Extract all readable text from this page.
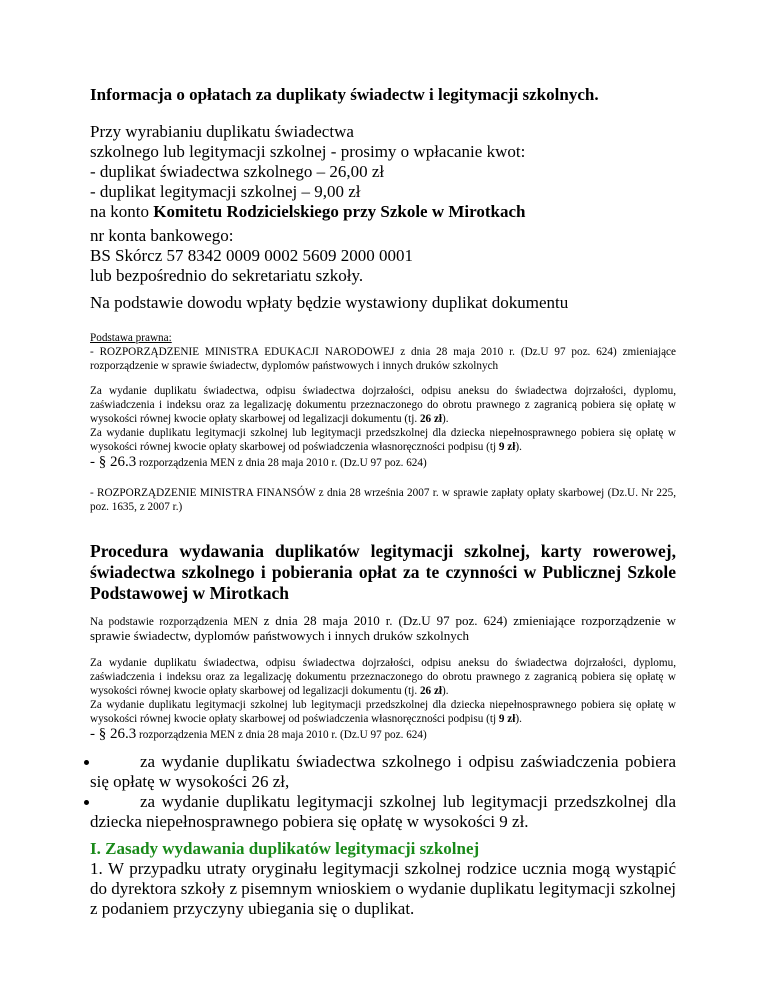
Informacja o opłatach za duplikaty świadectw i legitymacji szkolnych.

Przy wyrabianiu duplikatu świadectwa
szkolnego lub legitymacji szkolnej - prosimy o wpłacanie kwot:
- duplikat świadectwa szkolnego – 26,00 zł
- duplikat legitymacji szkolnej – 9,00 zł
na konto Komitetu Rodzicielskiego przy Szkole w Mirotkach
nr konta bankowego:
BS Skórcz 57 8342 0009 0002 5609 2000 0001
lub bezpośrednio do sekretariatu szkoły.

Na podstawie dowodu wpłaty będzie wystawiony duplikat dokumentu

Podstawa prawna:
- ROZPORZĄDZENIE MINISTRA EDUKACJI NARODOWEJ z dnia 28 maja 2010 r. (Dz.U 97 poz. 624) zmieniające rozporządzenie w sprawie świadectw, dyplomów państwowych i innych druków szkolnych
Za wydanie duplikatu świadectwa, odpisu świadectwa dojrzałości, odpisu aneksu do świadectwa dojrzałości, dyplomu, zaświadczenia i indeksu oraz za legalizację dokumentu przeznaczonego do obrotu prawnego z zagranicą pobiera się opłatę w wysokości równej kwocie opłaty skarbowej od legalizacji dokumentu (tj. 26 zł).
Za wydanie duplikatu legitymacji szkolnej lub legitymacji przedszkolnej dla dziecka niepełnosprawnego pobiera się opłatę w wysokości równej kwocie opłaty skarbowej od poświadczenia własnoręczności podpisu (tj 9 zł).
- § 26.3 rozporządzenia MEN z dnia 28 maja 2010 r. (Dz.U 97 poz. 624)
- ROZPORZĄDZENIE MINISTRA FINANSÓW z dnia 28 września 2007 r. w sprawie zapłaty opłaty skarbowej (Dz.U. Nr 225, poz. 1635, z 2007 r.)
Procedura wydawania duplikatów legitymacji szkolnej, karty rowerowej, świadectwa szkolnego i pobierania opłat za te czynności w Publicznej Szkole Podstawowej w Mirotkach
Na podstawie rozporządzenia MEN z dnia 28 maja 2010 r. (Dz.U 97 poz. 624) zmieniające rozporządzenie w sprawie świadectw, dyplomów państwowych i innych druków szkolnych
Za wydanie duplikatu świadectwa, odpisu świadectwa dojrzałości, odpisu aneksu do świadectwa dojrzałości, dyplomu, zaświadczenia i indeksu oraz za legalizację dokumentu przeznaczonego do obrotu prawnego z zagranicą pobiera się opłatę w wysokości równej kwocie opłaty skarbowej od legalizacji dokumentu (tj. 26 zł).
Za wydanie duplikatu legitymacji szkolnej lub legitymacji przedszkolnej dla dziecka niepełnosprawnego pobiera się opłatę w wysokości równej kwocie opłaty skarbowej od poświadczenia własnoręczności podpisu (tj 9 zł).
- § 26.3 rozporządzenia MEN z dnia 28 maja 2010 r. (Dz.U 97 poz. 624)
za wydanie duplikatu świadectwa szkolnego i odpisu zaświadczenia pobiera się opłatę w wysokości 26 zł,
za wydanie duplikatu legitymacji szkolnej lub legitymacji przedszkolnej dla dziecka niepełnosprawnego pobiera się opłatę w wysokości 9 zł.
I. Zasady wydawania duplikatów legitymacji szkolnej

1. W przypadku utraty oryginału legitymacji szkolnej rodzice ucznia mogą wystąpić do dyrektora szkoły z pisemnym wnioskiem o wydanie duplikatu legitymacji szkolnej z podaniem przyczyny ubiegania się o duplikat.
